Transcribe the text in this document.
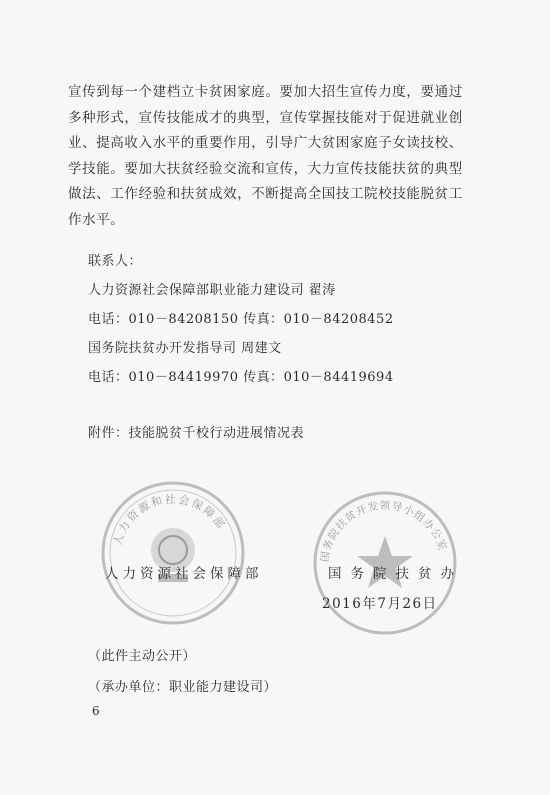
宣传到每一个建档立卡贫困家庭。要加大招生宣传力度，要通过
多种形式，宣传技能成才的典型，宣传掌握技能对于促进就业创
业、提高收入水平的重要作用，引导广大贫困家庭子女读技校、
学技能。要加大扶贫经验交流和宣传，大力宣传技能扶贫的典型
做法、工作经验和扶贫成效，不断提高全国技工院校技能脱贫工
作水平。
联系人：
人力资源社会保障部职业能力建设司 翟涛
电话：010－84208150 传真：010－84208452
国务院扶贫办开发指导司 周建文
电话：010－84419970 传真：010－84419694
附件：技能脱贫千校行动进展情况表
人力资源和社会保障部
国务院扶贫开发领导小组办公室
人力资源社会保障部	国务院扶贫办
2016年7月26日
（此件主动公开）
（承办单位：职业能力建设司）
6
